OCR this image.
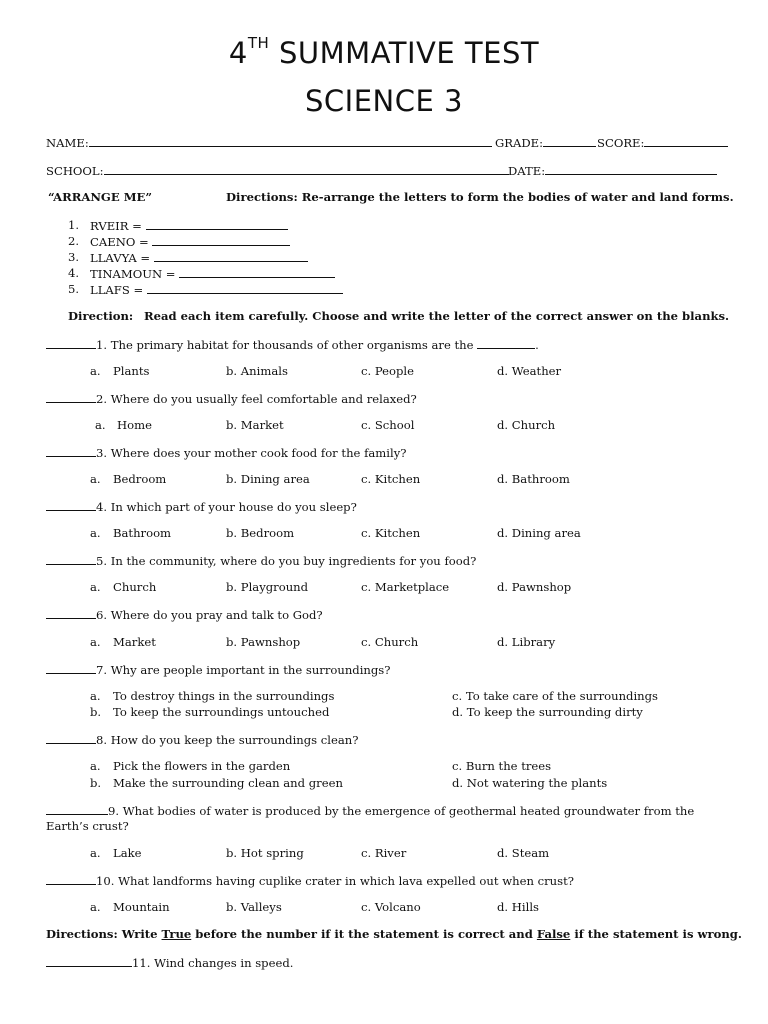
4TH SUMMATIVE TEST
SCIENCE 3
NAME:	GRADE:	SCORE:
SCHOOL:	DATE:
“ARRANGE ME”	Directions: Re-arrange the letters to form the bodies of water and land forms.
1. RVEIR =
2. CAENO =
3. LLAVYA =
4. TINAMOUN =
5. LLAFS =
Direction: Read each item carefully. Choose and write the letter of the correct answer on the blanks.
1. The primary habitat for thousands of other organisms are the	.
a. Plants	b. Animals	c. People	d. Weather
2. Where do you usually feel comfortable and relaxed?
a. Home	b. Market	c. School	d. Church
3. Where does your mother cook food for the family?
a. Bedroom	b. Dining area	c. Kitchen	d. Bathroom
4. In which part of your house do you sleep?
a. Bathroom	b. Bedroom	c. Kitchen	d. Dining area
5. In the community, where do you buy ingredients for you food?
a. Church	b. Playground	c. Marketplace	d. Pawnshop
6. Where do you pray and talk to God?
a. Market	b. Pawnshop	c. Church	d. Library
7. Why are people important in the surroundings?
a. To destroy things in the surroundings	c. To take care of the surroundings
b. To keep the surroundings untouched	d. To keep the surrounding dirty
8. How do you keep the surroundings clean?
a. Pick the flowers in the garden	c. Burn the trees
b. Make the surrounding clean and green	d. Not watering the plants
9. What bodies of water is produced by the emergence of geothermal heated groundwater from the
Earth’s crust?
a. Lake	b. Hot spring	c. River	d. Steam
10. What landforms having cuplike crater in which lava expelled out when crust?
a. Mountain	b. Valleys	c. Volcano	d. Hills
Directions: Write True before the number if it the statement is correct and False if the statement is wrong.
11. Wind changes in speed.
